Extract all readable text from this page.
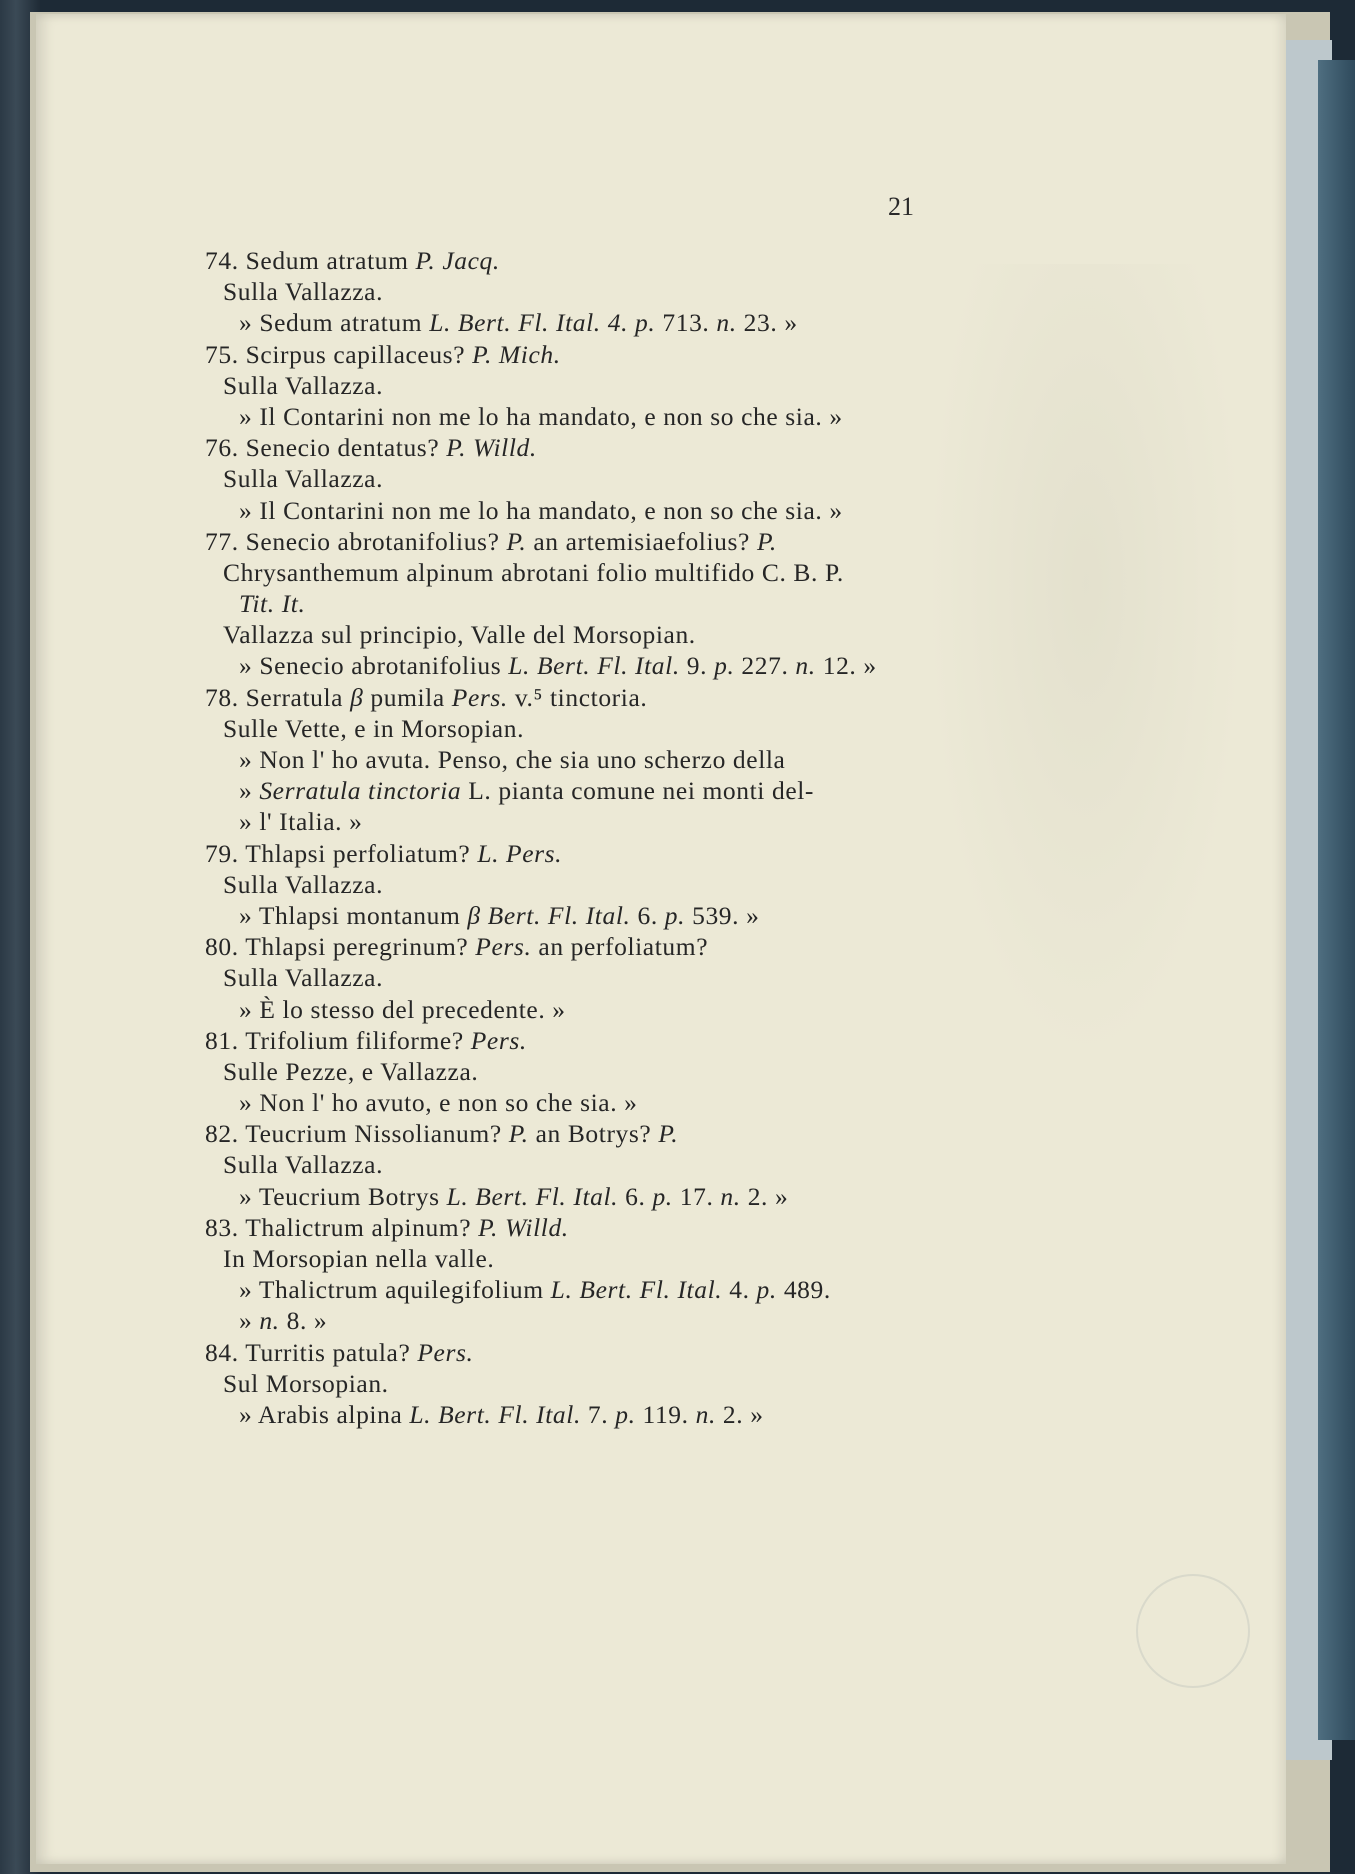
21
74. Sedum atratum P. Jacq.
Sulla Vallazza.
» Sedum atratum L. Bert. Fl. Ital. 4. p. 713. n. 23. »
75. Scirpus capillaceus? P. Mich.
Sulla Vallazza.
» Il Contarini non me lo ha mandato, e non so che sia. »
76. Senecio dentatus? P. Willd.
Sulla Vallazza.
» Il Contarini non me lo ha mandato, e non so che sia. »
77. Senecio abrotanifolius? P. an artemisiaefolius? P.
Chrysanthemum alpinum abrotani folio multifido C. B. P.
Tit. It.
Vallazza sul principio, Valle del Morsopian.
» Senecio abrotanifolius L. Bert. Fl. Ital. 9. p. 227. n. 12. »
78. Serratula β pumila Pers. v.⁵ tinctoria.
Sulle Vette, e in Morsopian.
» Non l' ho avuta. Penso, che sia uno scherzo della
» Serratula tinctoria L. pianta comune nei monti del-
» l' Italia. »
79. Thlapsi perfoliatum? L. Pers.
Sulla Vallazza.
» Thlapsi montanum β Bert. Fl. Ital. 6. p. 539. »
80. Thlapsi peregrinum? Pers. an perfoliatum?
Sulla Vallazza.
» È lo stesso del precedente. »
81. Trifolium filiforme? Pers.
Sulle Pezze, e Vallazza.
» Non l' ho avuto, e non so che sia. »
82. Teucrium Nissolianum? P. an Botrys? P.
Sulla Vallazza.
» Teucrium Botrys L. Bert. Fl. Ital. 6. p. 17. n. 2. »
83. Thalictrum alpinum? P. Willd.
In Morsopian nella valle.
» Thalictrum aquilegifolium L. Bert. Fl. Ital. 4. p. 489.
» n. 8. »
84. Turritis patula? Pers.
Sul Morsopian.
» Arabis alpina L. Bert. Fl. Ital. 7. p. 119. n. 2. »
